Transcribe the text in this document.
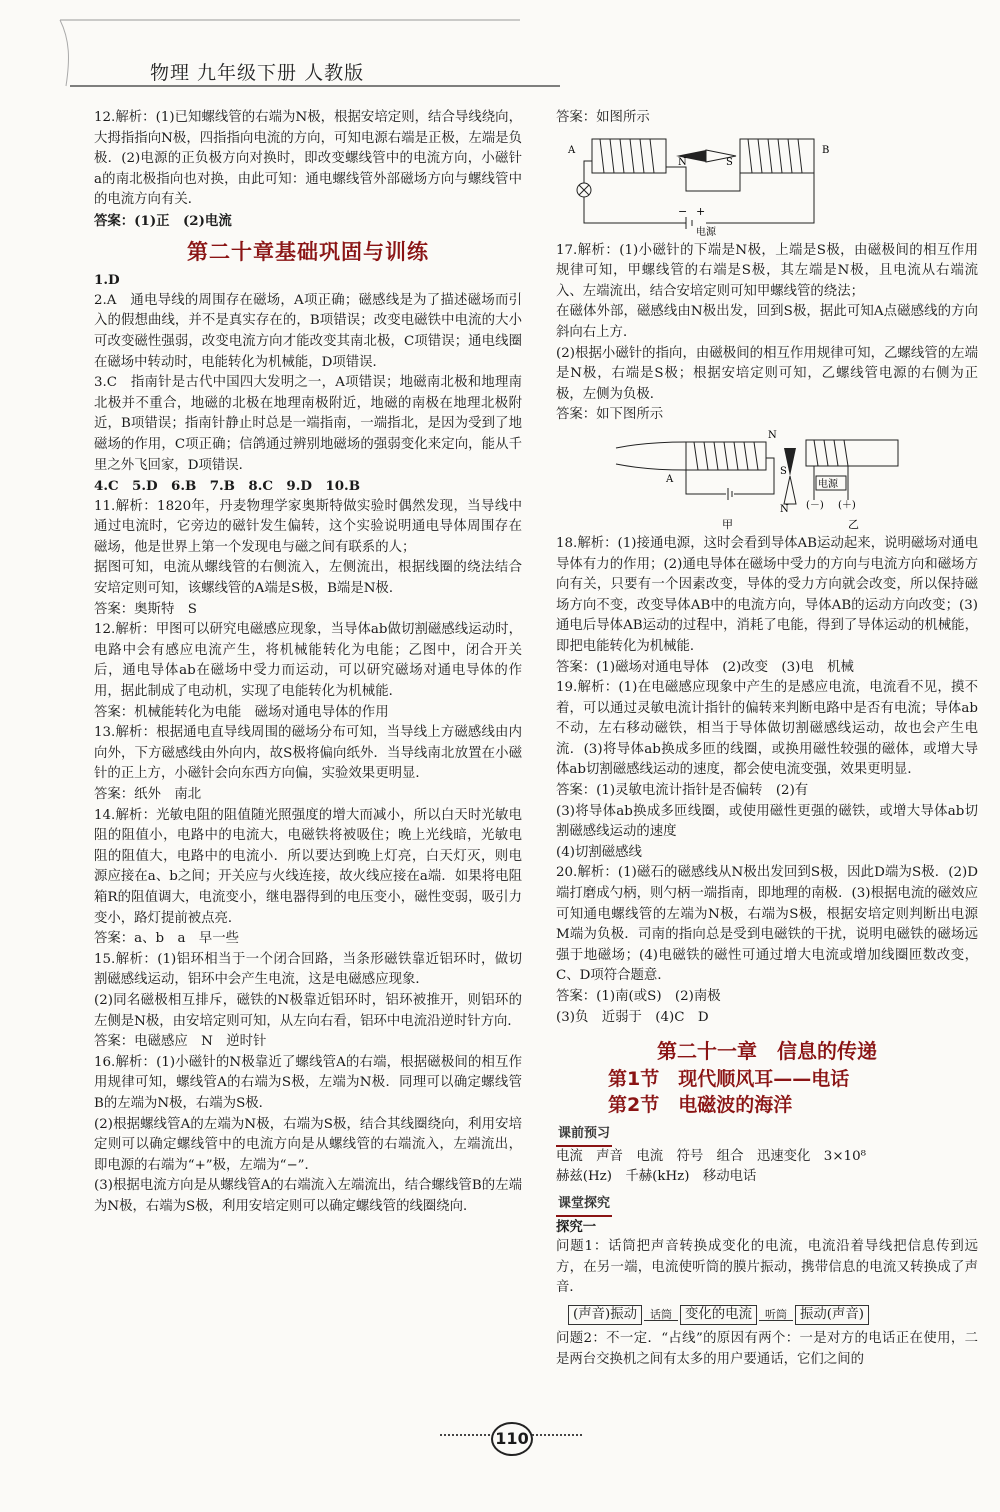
物理 九年级下册 人教版

12.解析：(1)已知螺线管的右端为N极，根据安培定则，结合导线绕向，大拇指指向N极，四指指向电流的方向，可知电源右端是正极，左端是负极．(2)电源的正负极方向对换时，即改变螺线管中的电流方向，小磁针a的南北极指向也对换，由此可知：通电螺线管外部磁场方向与螺线管中的电流方向有关．

答案：(1)正　(2)电流

第二十章基础巩固与训练

1.D

2.A　通电导线的周围存在磁场，A项正确；磁感线是为了描述磁场而引入的假想曲线，并不是真实存在的，B项错误；改变电磁铁中电流的大小可改变磁性强弱，改变电流方向才能改变其南北极，C项错误；通电线圈在磁场中转动时，电能转化为机械能，D项错误．

3.C　指南针是古代中国四大发明之一，A项错误；地磁南北极和地理南北极并不重合，地磁的北极在地理南极附近，地磁的南极在地理北极附近，B项错误；指南针静止时总是一端指南，一端指北，是因为受到了地磁场的作用，C项正确；信鸽通过辨别地磁场的强弱变化来定向，能从千里之外飞回家，D项错误．

4.C　5.D　6.B　7.B　8.C　9.D　10.B

11.解析：1820年，丹麦物理学家奥斯特做实验时偶然发现，当导线中通过电流时，它旁边的磁针发生偏转，这个实验说明通电导体周围存在磁场，他是世界上第一个发现电与磁之间有联系的人；

据图可知，电流从螺线管的右侧流入，左侧流出，根据线圈的绕法结合安培定则可知，该螺线管的A端是S极，B端是N极．

答案：奥斯特　S

12.解析：甲图可以研究电磁感应现象，当导体ab做切割磁感线运动时，电路中会有感应电流产生，将机械能转化为电能；乙图中，闭合开关后，通电导体ab在磁场中受力而运动，可以研究磁场对通电导体的作用，据此制成了电动机，实现了电能转化为机械能．

答案：机械能转化为电能　磁场对通电导体的作用

13.解析：根据通电直导线周围的磁场分布可知，当导线上方磁感线由内向外，下方磁感线由外向内，故S极将偏向纸外．当导线南北放置在小磁针的正上方，小磁针会向东西方向偏，实验效果更明显．

答案：纸外　南北

14.解析：光敏电阻的阻值随光照强度的增大而减小，所以白天时光敏电阻的阻值小，电路中的电流大，电磁铁将被吸住；晚上光线暗，光敏电阻的阻值大，电路中的电流小．所以要达到晚上灯亮，白天灯灭，则电源应接在a、b之间；开关应与火线连接，故火线应接在a端．如果将电阻箱R的阻值调大，电流变小，继电器得到的电压变小，磁性变弱，吸引力变小，路灯提前被点亮．

答案：a、b　a　早一些

15.解析：(1)铝环相当于一个闭合回路，当条形磁铁靠近铝环时，做切割磁感线运动，铝环中会产生电流，这是电磁感应现象．

(2)同名磁极相互排斥，磁铁的N极靠近铝环时，铝环被推开，则铝环的左侧是N极，由安培定则可知，从左向右看，铝环中电流沿逆时针方向．

答案：电磁感应　N　逆时针

16.解析：(1)小磁针的N极靠近了螺线管A的右端，根据磁极间的相互作用规律可知，螺线管A的右端为S极，左端为N极．同理可以确定螺线管B的左端为N极，右端为S极．

(2)根据螺线管A的左端为N极，右端为S极，结合其线圈绕向，利用安培定则可以确定螺线管中的电流方向是从螺线管的右端流入，左端流出，即电源的右端为“+”极，左端为“−”．

(3)根据电流方向是从螺线管A的右端流入左端流出，结合螺线管B的左端为N极，右端为S极，利用安培定则可以确定螺线管的线圈绕向．

答案：如图所示

A	B
N	S
− +
电源

17.解析：(1)小磁针的下端是N极，上端是S极，由磁极间的相互作用规律可知，甲螺线管的右端是S极，其左端是N极，且电流从右端流入、左端流出，结合安培定则可知甲螺线管的绕法；

在磁体外部，磁感线由N极出发，回到S极，据此可知A点磁感线的方向斜向右上方．

(2)根据小磁针的指向，由磁极间的相互作用规律可知，乙螺线管的左端是N极，右端是S极；根据安培定则可知，乙螺线管电源的右侧为正极，左侧为负极．

答案：如下图所示

N
S
N
A	电源
(－) (＋)
甲	乙

18.解析：(1)接通电源，这时会看到导体AB运动起来，说明磁场对通电导体有力的作用；(2)通电导体在磁场中受力的方向与电流方向和磁场方向有关，只要有一个因素改变，导体的受力方向就会改变，所以保持磁场方向不变，改变导体AB中的电流方向，导体AB的运动方向改变；(3)通电后导体AB运动的过程中，消耗了电能，得到了导体运动的机械能，即把电能转化为机械能．

答案：(1)磁场对通电导体　(2)改变　(3)电　机械

19.解析：(1)在电磁感应现象中产生的是感应电流，电流看不见，摸不着，可以通过灵敏电流计指针的偏转来判断电路中是否有电流；导体ab不动，左右移动磁铁，相当于导体做切割磁感线运动，故也会产生电流．(3)将导体ab换成多匝的线圈，或换用磁性较强的磁体，或增大导体ab切割磁感线运动的速度，都会使电流变强，效果更明显．

答案：(1)灵敏电流计指针是否偏转　(2)有

(3)将导体ab换成多匝线圈，或使用磁性更强的磁铁，或增大导体ab切割磁感线运动的速度

(4)切割磁感线

20.解析：(1)磁石的磁感线从N极出发回到S极，因此D端为S极．(2)D端打磨成勺柄，则勺柄一端指南，即地理的南极．(3)根据电流的磁效应可知通电螺线管的左端为N极，右端为S极，根据安培定则判断出电源M端为负极．司南的指向总是受到电磁铁的干扰，说明电磁铁的磁场远强于地磁场；(4)电磁铁的磁性可通过增大电流或增加线圈匝数改变，C、D项符合题意．

答案：(1)南(或S)　(2)南极

(3)负　近弱于　(4)C　D

第二十一章　信息的传递
第1节　现代顺风耳——电话
第2节　电磁波的海洋
课前预习

电流　声音　电流　符号　组合　迅速变化　3×10⁸

赫兹(Hz)　千赫(kHz)　移动电话

课堂探究

探究一

问题1：话筒把声音转换成变化的电流，电流沿着导线把信息传到远方，在另一端，电流使听筒的膜片振动，携带信息的电流又转换成了声音．

(声音)振动	话筒 变化的电流	听筒 振动(声音)

问题2：不一定．“占线”的原因有两个：一是对方的电话正在使用，二是两台交换机之间有太多的用户要通话，它们之间的

110
